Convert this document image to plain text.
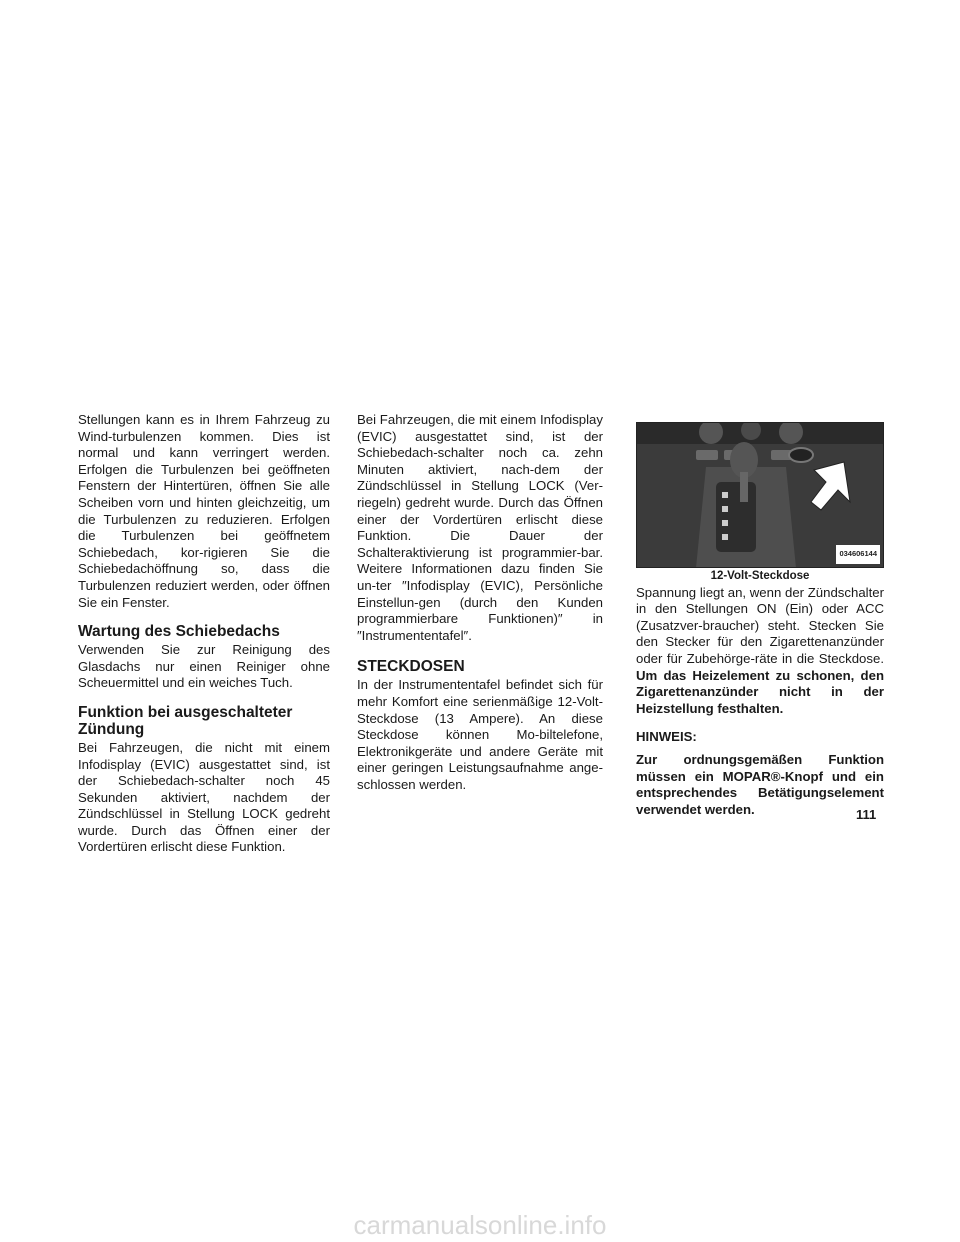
Stellungen kann es in Ihrem Fahrzeug zu Wind-turbulenzen kommen. Dies ist normal und kann verringert werden. Erfolgen die Turbulenzen bei geöffneten Fenstern der Hintertüren, öffnen Sie alle Scheiben vorn und hinten gleichzeitig, um die Turbulenzen zu reduzieren. Erfolgen die Turbulenzen bei geöffnetem Schiebedach, kor-rigieren Sie die Schiebedachöffnung so, dass die Turbulenzen reduziert werden, oder öffnen Sie ein Fenster.

Wartung des Schiebedachs

Verwenden Sie zur Reinigung des Glasdachs nur einen Reiniger ohne Scheuermittel und ein weiches Tuch.

Funktion bei ausgeschalteter Zündung

Bei Fahrzeugen, die nicht mit einem Infodisplay (EVIC) ausgestattet sind, ist der Schiebedach-schalter noch 45 Sekunden aktiviert, nachdem der Zündschlüssel in Stellung LOCK gedreht wurde. Durch das Öffnen einer der Vordertüren erlischt diese Funktion.

Bei Fahrzeugen, die mit einem Infodisplay (EVIC) ausgestattet sind, ist der Schiebedach-schalter noch ca. zehn Minuten aktiviert, nach-dem der Zündschlüssel in Stellung LOCK (Ver-riegeln) gedreht wurde. Durch das Öffnen einer der Vordertüren erlischt diese Funktion. Die Dauer der Schalteraktivierung ist programmier-bar. Weitere Informationen dazu finden Sie un-ter ″Infodisplay (EVIC), Persönliche Einstellun-gen (durch den Kunden programmierbare Funktionen)″ in ″Instrumententafel″.

STECKDOSEN

In der Instrumententafel befindet sich für mehr Komfort eine serienmäßige 12-Volt-Steckdose (13 Ampere). An diese Steckdose können Mo-biltelefone, Elektronikgeräte und andere Geräte mit einer geringen Leistungsaufnahme ange-schlossen werden.

034606144

12-Volt-Steckdose

Spannung liegt an, wenn der Zündschalter in den Stellungen ON (Ein) oder ACC (Zusatzver-braucher) steht. Stecken Sie den Stecker für den Zigarettenanzünder oder für Zubehörge-räte in die Steckdose. Um das Heizelement zu schonen, den Zigarettenanzünder nicht in der Heizstellung festhalten.

HINWEIS:

Zur ordnungsgemäßen Funktion müssen ein MOPAR®-Knopf und ein entsprechendes Betätigungselement verwendet werden.	111
carmanualsonline.info
